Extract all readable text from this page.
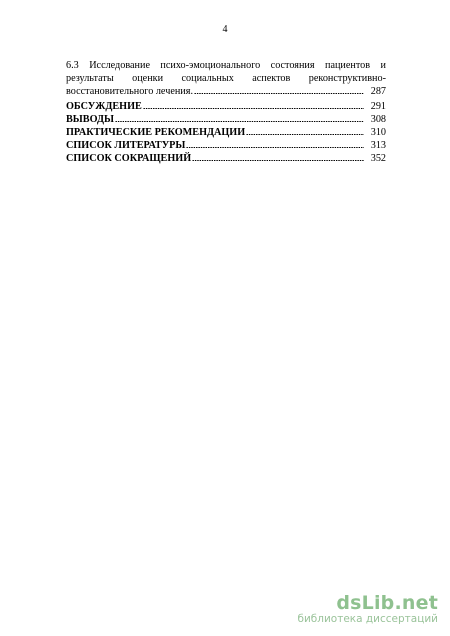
4
6.3 Исследование психо-эмоционального состояния пациентов и
результаты оценки социальных аспектов реконструктивно-
восстановительного лечения.	287
ОБСУЖДЕНИЕ	291
ВЫВОДЫ	308
ПРАКТИЧЕСКИЕ РЕКОМЕНДАЦИИ	310
СПИСОК ЛИТЕРАТУРЫ	313
СПИСОК СОКРАЩЕНИЙ	352
dsLib.net
библиотека диссертаций
